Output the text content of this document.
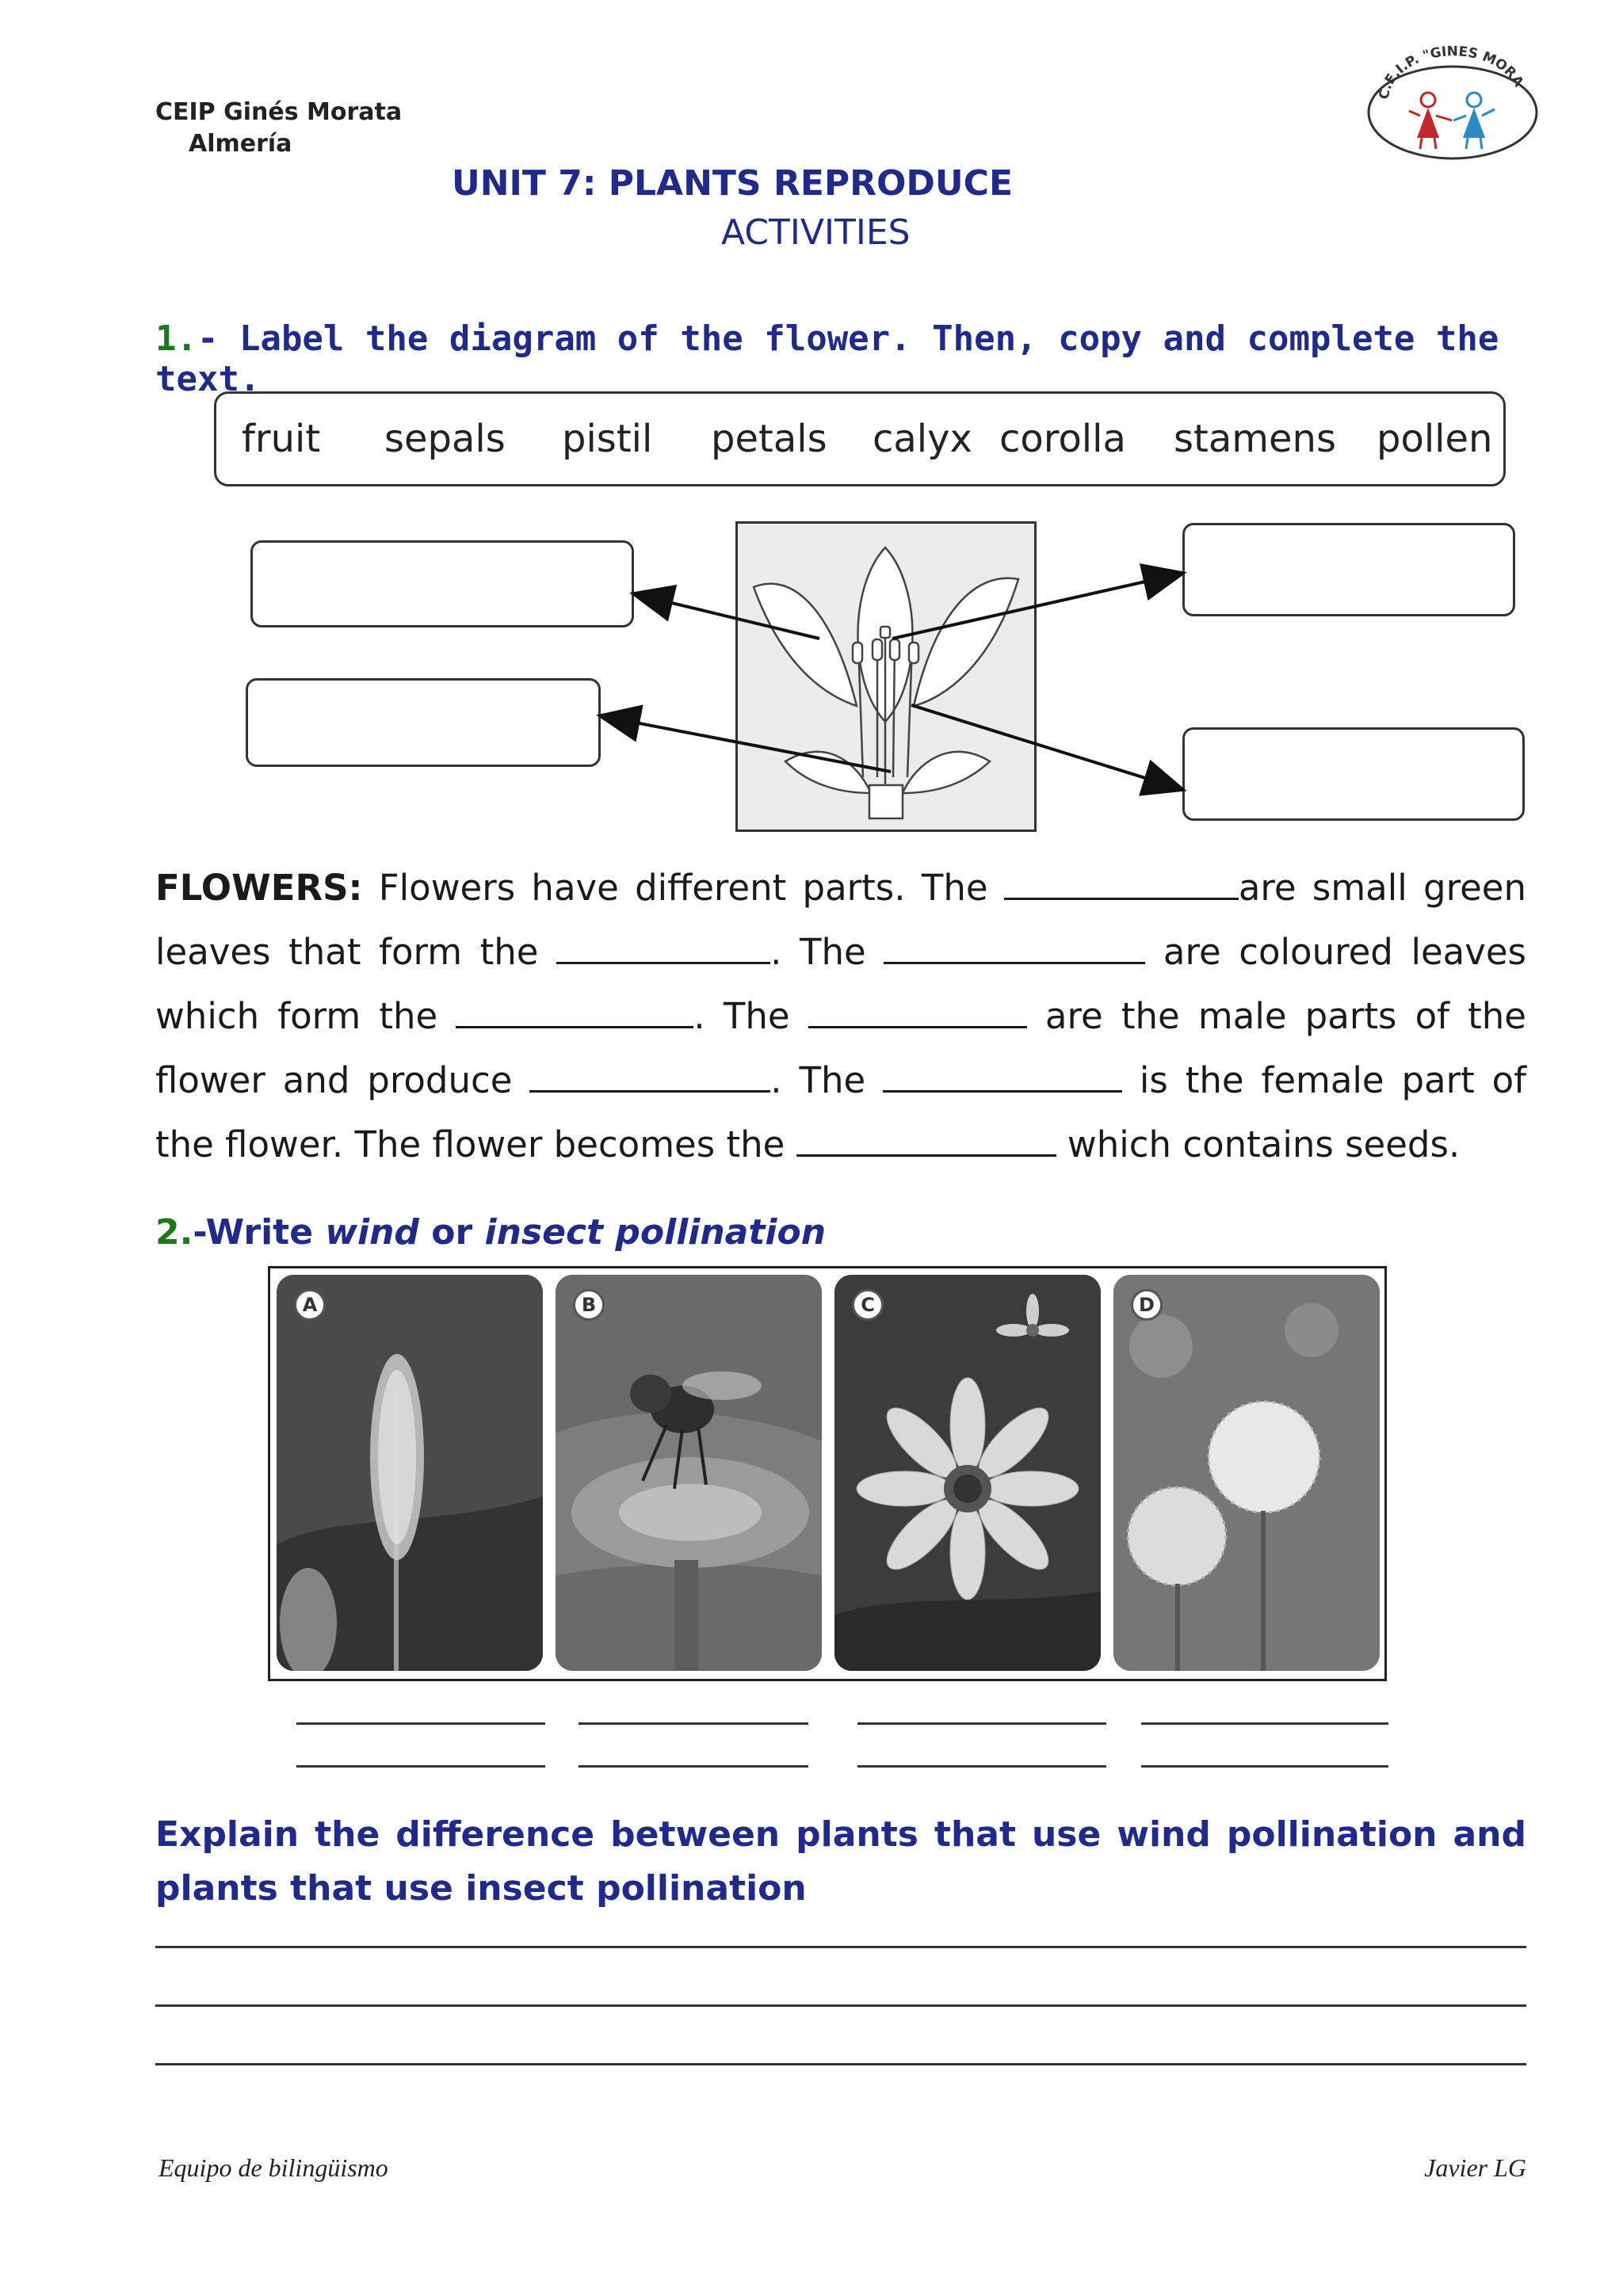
CEIP Ginés Morata
Almería
C.E.I.P. "GINES MORA
UNIT 7: PLANTS REPRODUCE
ACTIVITIES
1.- Label the diagram of the flower. Then, copy and complete the text.
fruit sepals pistil petals calyx corolla stamens pollen
FLOWERS: Flowers have different parts. The	are small green leaves that form the	. The	are coloured leaves which form the	. The	are the male parts of the flower and produce	. The	is the female part of the flower. The flower becomes the	which contains seeds.
2.-Write wind or insect pollination
A	B	C	D
Explain the difference between plants that use wind pollination and plants that use insect pollination
Equipo de bilingüismo	Javier LG
